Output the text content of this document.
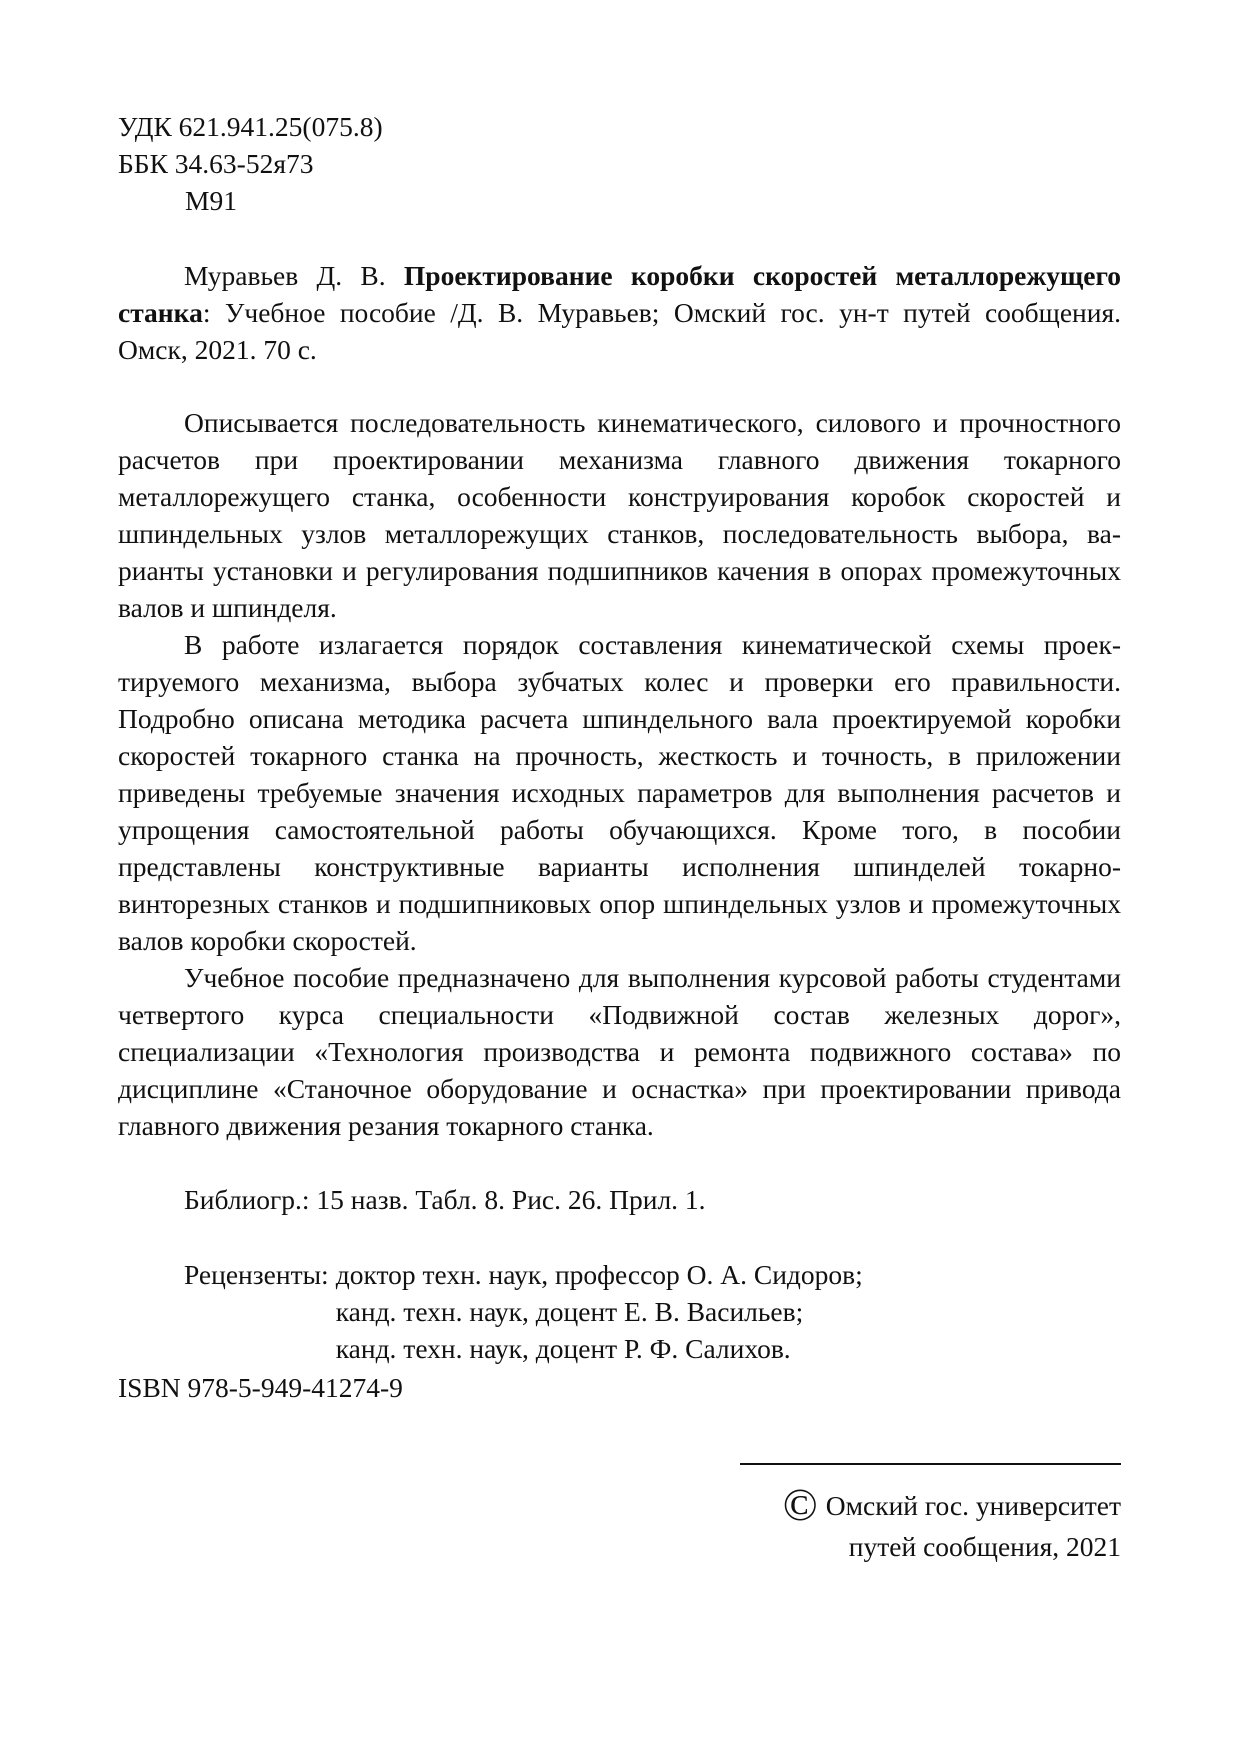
УДК 621.941.25(075.8)
ББК 34.63-52я73
М91
Муравьев Д. В. Проектирование коробки скоростей металлорежущего станка: Учебное пособие /Д. В. Муравьев; Омский гос. ун-т путей сообщения. Омск, 2021. 70 с.

Описывается последовательность кинематического, силового и прочностного расчетов при проектировании механизма главного движения токарного металлорежущего станка, особенности конструирования коробок скоростей и шпиндельных узлов металлорежущих станков, последовательность выбора, варианты установки и регулирования подшипников качения в опорах промежуточных валов и шпинделя.

В работе излагается порядок составления кинематической схемы проектируемого механизма, выбора зубчатых колес и проверки его правильности. Подробно описана методика расчета шпиндельного вала проектируемой коробки скоростей токарного станка на прочность, жесткость и точность, в приложении приведены требуемые значения исходных параметров для выполнения расчетов и упрощения самостоятельной работы обучающихся. Кроме того, в пособии представлены конструктивные варианты исполнения шпинделей токарновинторезных станков и подшипниковых опор шпиндельных узлов и промежуточных валов коробки скоростей.

Учебное пособие предназначено для выполнения курсовой работы студентами четвертого курса специальности «Подвижной состав железных дорог», специализации «Технология производства и ремонта подвижного состава» по дисциплине «Станочное оборудование и оснастка» при проектировании привода главного движения резания токарного станка.

Библиогр.: 15 назв. Табл. 8. Рис. 26. Прил. 1.
Рецензенты: доктор техн. наук, профессор О. А. Сидоров;
канд. техн. наук, доцент Е. В. Васильев;
канд. техн. наук, доцент Р. Ф. Салихов.
ISBN 978-5-949-41274-9
© Омский гос. университет
путей сообщения, 2021
